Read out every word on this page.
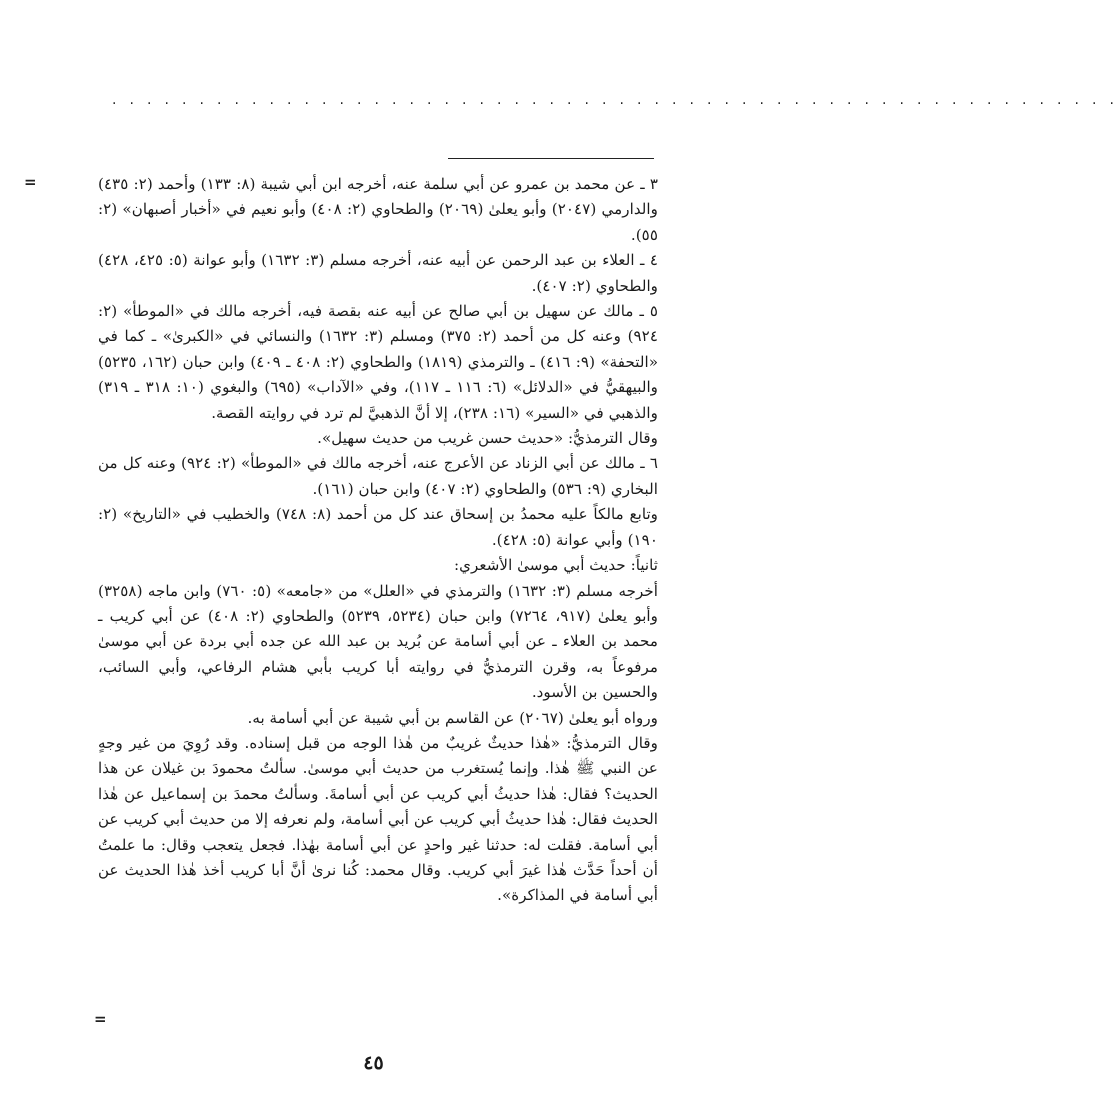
. . . . . . . . . . . . . . . . . . . . . . . . . . . . . . . . . . . . . . . . . . . . . . . . . . . . . . . . . .
=	٣ ـ عن محمد بن عمرو عن أبي سلمة عنه، أخرجه ابن أبي شيبة (٨: ١٣٣) وأحمد (٢: ٤٣٥) والدارمي (٢٠٤٧) وأبو يعلىٰ (٢٠٦٩) والطحاوي (٢: ٤٠٨) وأبو نعيم في «أخبار أصبهان» (٢: ٥٥).

٤ ـ العلاء بن عبد الرحمن عن أبيه عنه، أخرجه مسلم (٣: ١٦٣٢) وأبو عوانة (٥: ٤٢٥، ٤٢٨) والطحاوي (٢: ٤٠٧).

٥ ـ مالك عن سهيل بن أبي صالح عن أبيه عنه بقصة فيه، أخرجه مالك في «الموطأ» (٢: ٩٢٤) وعنه كل من أحمد (٢: ٣٧٥) ومسلم (٣: ١٦٣٢) والنسائي في «الكبرىٰ» ـ كما في «التحفة» (٩: ٤١٦) ـ والترمذي (١٨١٩) والطحاوي (٢: ٤٠٨ ـ ٤٠٩) وابن حبان (١٦٢، ٥٢٣٥) والبيهقيُّ في «الدلائل» (٦: ١١٦ ـ ١١٧)، وفي «الآداب» (٦٩٥) والبغوي (١٠: ٣١٨ ـ ٣١٩) والذهبي في «السير» (١٦: ٢٣٨)، إلا أنَّ الذهبيَّ لم ترد في روايته القصة.

وقال الترمذيُّ: «حديث حسن غريب من حديث سهيل».

٦ ـ مالك عن أبي الزناد عن الأعرج عنه، أخرجه مالك في «الموطأ» (٢: ٩٢٤) وعنه كل من البخاري (٩: ٥٣٦) والطحاوي (٢: ٤٠٧) وابن حبان (١٦١).

وتابع مالكاً عليه محمدُ بن إسحاق عند كل من أحمد (٨: ٧٤٨) والخطيب في «التاريخ» (٢: ١٩٠) وأبي عوانة (٥: ٤٢٨).

ثانياً: حديث أبي موسىٰ الأشعري:

أخرجه مسلم (٣: ١٦٣٢) والترمذي في «العلل» من «جامعه» (٥: ٧٦٠) وابن ماجه (٣٢٥٨) وأبو يعلىٰ (٩١٧، ٧٢٦٤) وابن حبان (٥٢٣٤، ٥٢٣٩) والطحاوي (٢: ٤٠٨) عن أبي كريب ـ محمد بن العلاء ـ عن أبي أسامة عن بُريد بن عبد الله عن جده أبي بردة عن أبي موسىٰ مرفوعاً به، وقرن الترمذيُّ في روايته أبا كريب بأبي هشام الرفاعي، وأبي السائب، والحسين بن الأسود.

ورواه أبو يعلىٰ (٢٠٦٧) عن القاسم بن أبي شيبة عن أبي أسامة به.

وقال الترمذيُّ: «هٰذا حديثٌ غريبٌ من هٰذا الوجه من قبل إسناده. وقد رُوِيَ من غير وجهٍ عن النبي ﷺ هٰذا. وإنما يُستغرب من حديث أبي موسىٰ. سألتُ محمودَ بن غيلان عن هذا الحديث؟ فقال: هٰذا حديثُ أبي كريب عن أبي أسامةَ. وسألتُ محمدَ بن إسماعيل عن هٰذا الحديث فقال: هٰذا حديثُ أبي كريب عن أبي أسامة، ولم نعرفه إلا من حديث أبي كريب عن أبي أسامة. فقلت له: حدثنا غير واحدٍ عن أبي أسامة بهٰذا. فجعل يتعجب وقال: ما علمتُ أن أحداً حَدَّث هٰذا غيرَ أبي كريب. وقال محمد: كُنا نرىٰ أنَّ أبا كريب أخذ هٰذا الحديث عن أبي أسامة في المذاكرة».

=
٤٥
